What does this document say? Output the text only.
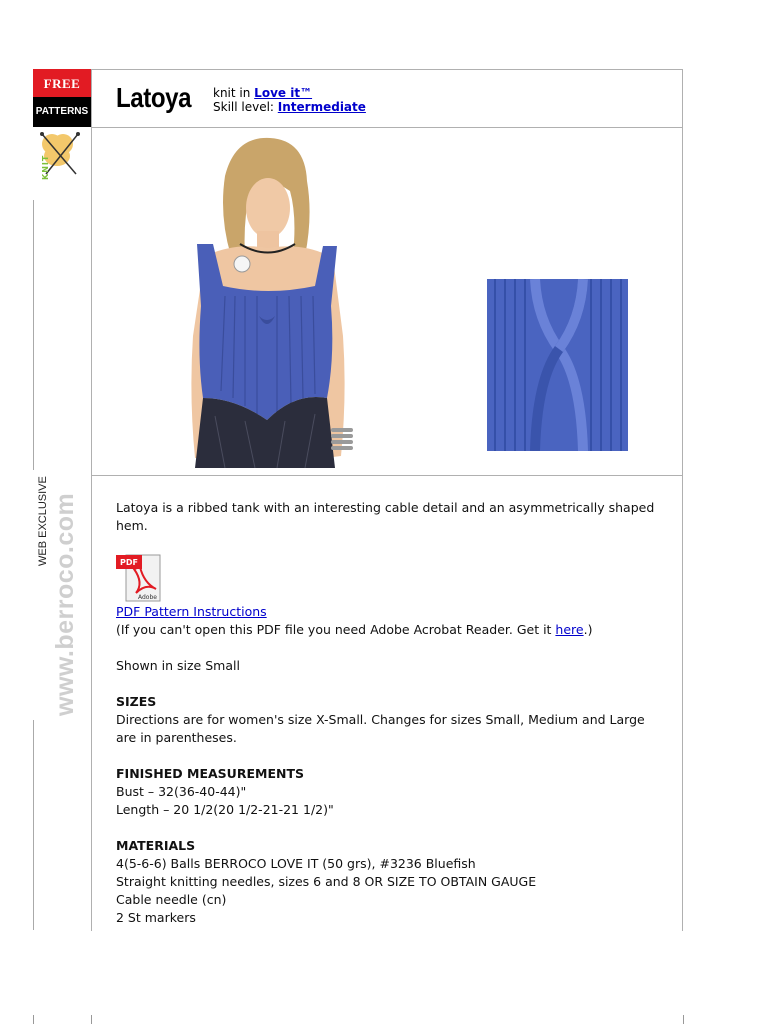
FREE
PATTERNS
KNIT
WEB EXCLUSIVE www.berroco.com
Latoya knit in Love it™
Skill level: Intermediate
Latoya is a ribbed tank with an interesting cable detail and an asymmetrically shaped hem.
PDF
Adobe
PDF Pattern Instructions
(If you can't open this PDF file you need Adobe Acrobat Reader. Get it here.)
Shown in size Small
SIZES
Directions are for women's size X-Small. Changes for sizes Small, Medium and Large are in parentheses.
FINISHED MEASUREMENTS
Bust – 32(36-40-44)"
Length – 20 1/2(20 1/2-21-21 1/2)"
MATERIALS
4(5-6-6) Balls BERROCO LOVE IT (50 grs), #3236 Bluefish
Straight knitting needles, sizes 6 and 8 OR SIZE TO OBTAIN GAUGE
Cable needle (cn)
2 St markers
